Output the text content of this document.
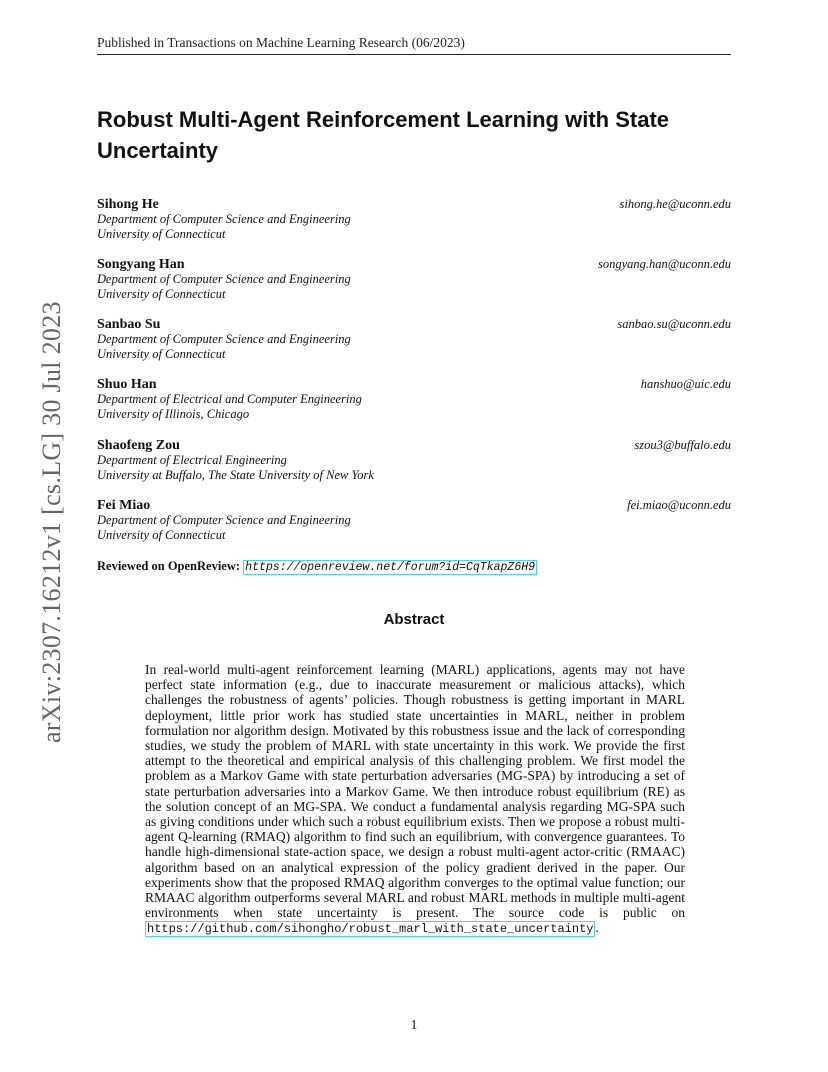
Published in Transactions on Machine Learning Research (06/2023)
Robust Multi-Agent Reinforcement Learning with State Uncertainty
arXiv:2307.16212v1 [cs.LG] 30 Jul 2023
Sihong He	sihong.he@uconn.edu
Department of Computer Science and Engineering
University of Connecticut
Songyang Han	songyang.han@uconn.edu
Department of Computer Science and Engineering
University of Connecticut
Sanbao Su	sanbao.su@uconn.edu
Department of Computer Science and Engineering
University of Connecticut
Shuo Han	hanshuo@uic.edu
Department of Electrical and Computer Engineering
University of Illinois, Chicago
Shaofeng Zou	szou3@buffalo.edu
Department of Electrical Engineering
University at Buffalo, The State University of New York
Fei Miao	fei.miao@uconn.edu
Department of Computer Science and Engineering
University of Connecticut
Reviewed on OpenReview: https://openreview.net/forum?id=CqTkapZ6H9
Abstract
In real-world multi-agent reinforcement learning (MARL) applications, agents may not have perfect state information (e.g., due to inaccurate measurement or malicious attacks), which challenges the robustness of agents’ policies. Though robustness is getting important in MARL deployment, little prior work has studied state uncertainties in MARL, neither in problem formulation nor algorithm design. Motivated by this robustness issue and the lack of corresponding studies, we study the problem of MARL with state uncertainty in this work. We provide the first attempt to the theoretical and empirical analysis of this challenging problem. We first model the problem as a Markov Game with state perturbation adversaries (MG-SPA) by introducing a set of state perturbation adversaries into a Markov Game. We then introduce robust equilibrium (RE) as the solution concept of an MG-SPA. We conduct a fundamental analysis regarding MG-SPA such as giving conditions under which such a robust equilibrium exists. Then we propose a robust multi-agent Q-learning (RMAQ) algorithm to find such an equilibrium, with convergence guarantees. To handle high-dimensional state-action space, we design a robust multi-agent actor-critic (RMAAC) algorithm based on an analytical expression of the policy gradient derived in the paper. Our experiments show that the proposed RMAQ algorithm converges to the optimal value function; our RMAAC algorithm outperforms several MARL and robust MARL methods in multiple multi-agent environments when state uncertainty is present. The source code is public on https://github.com/sihongho/robust_marl_with_state_uncertainty .
1
